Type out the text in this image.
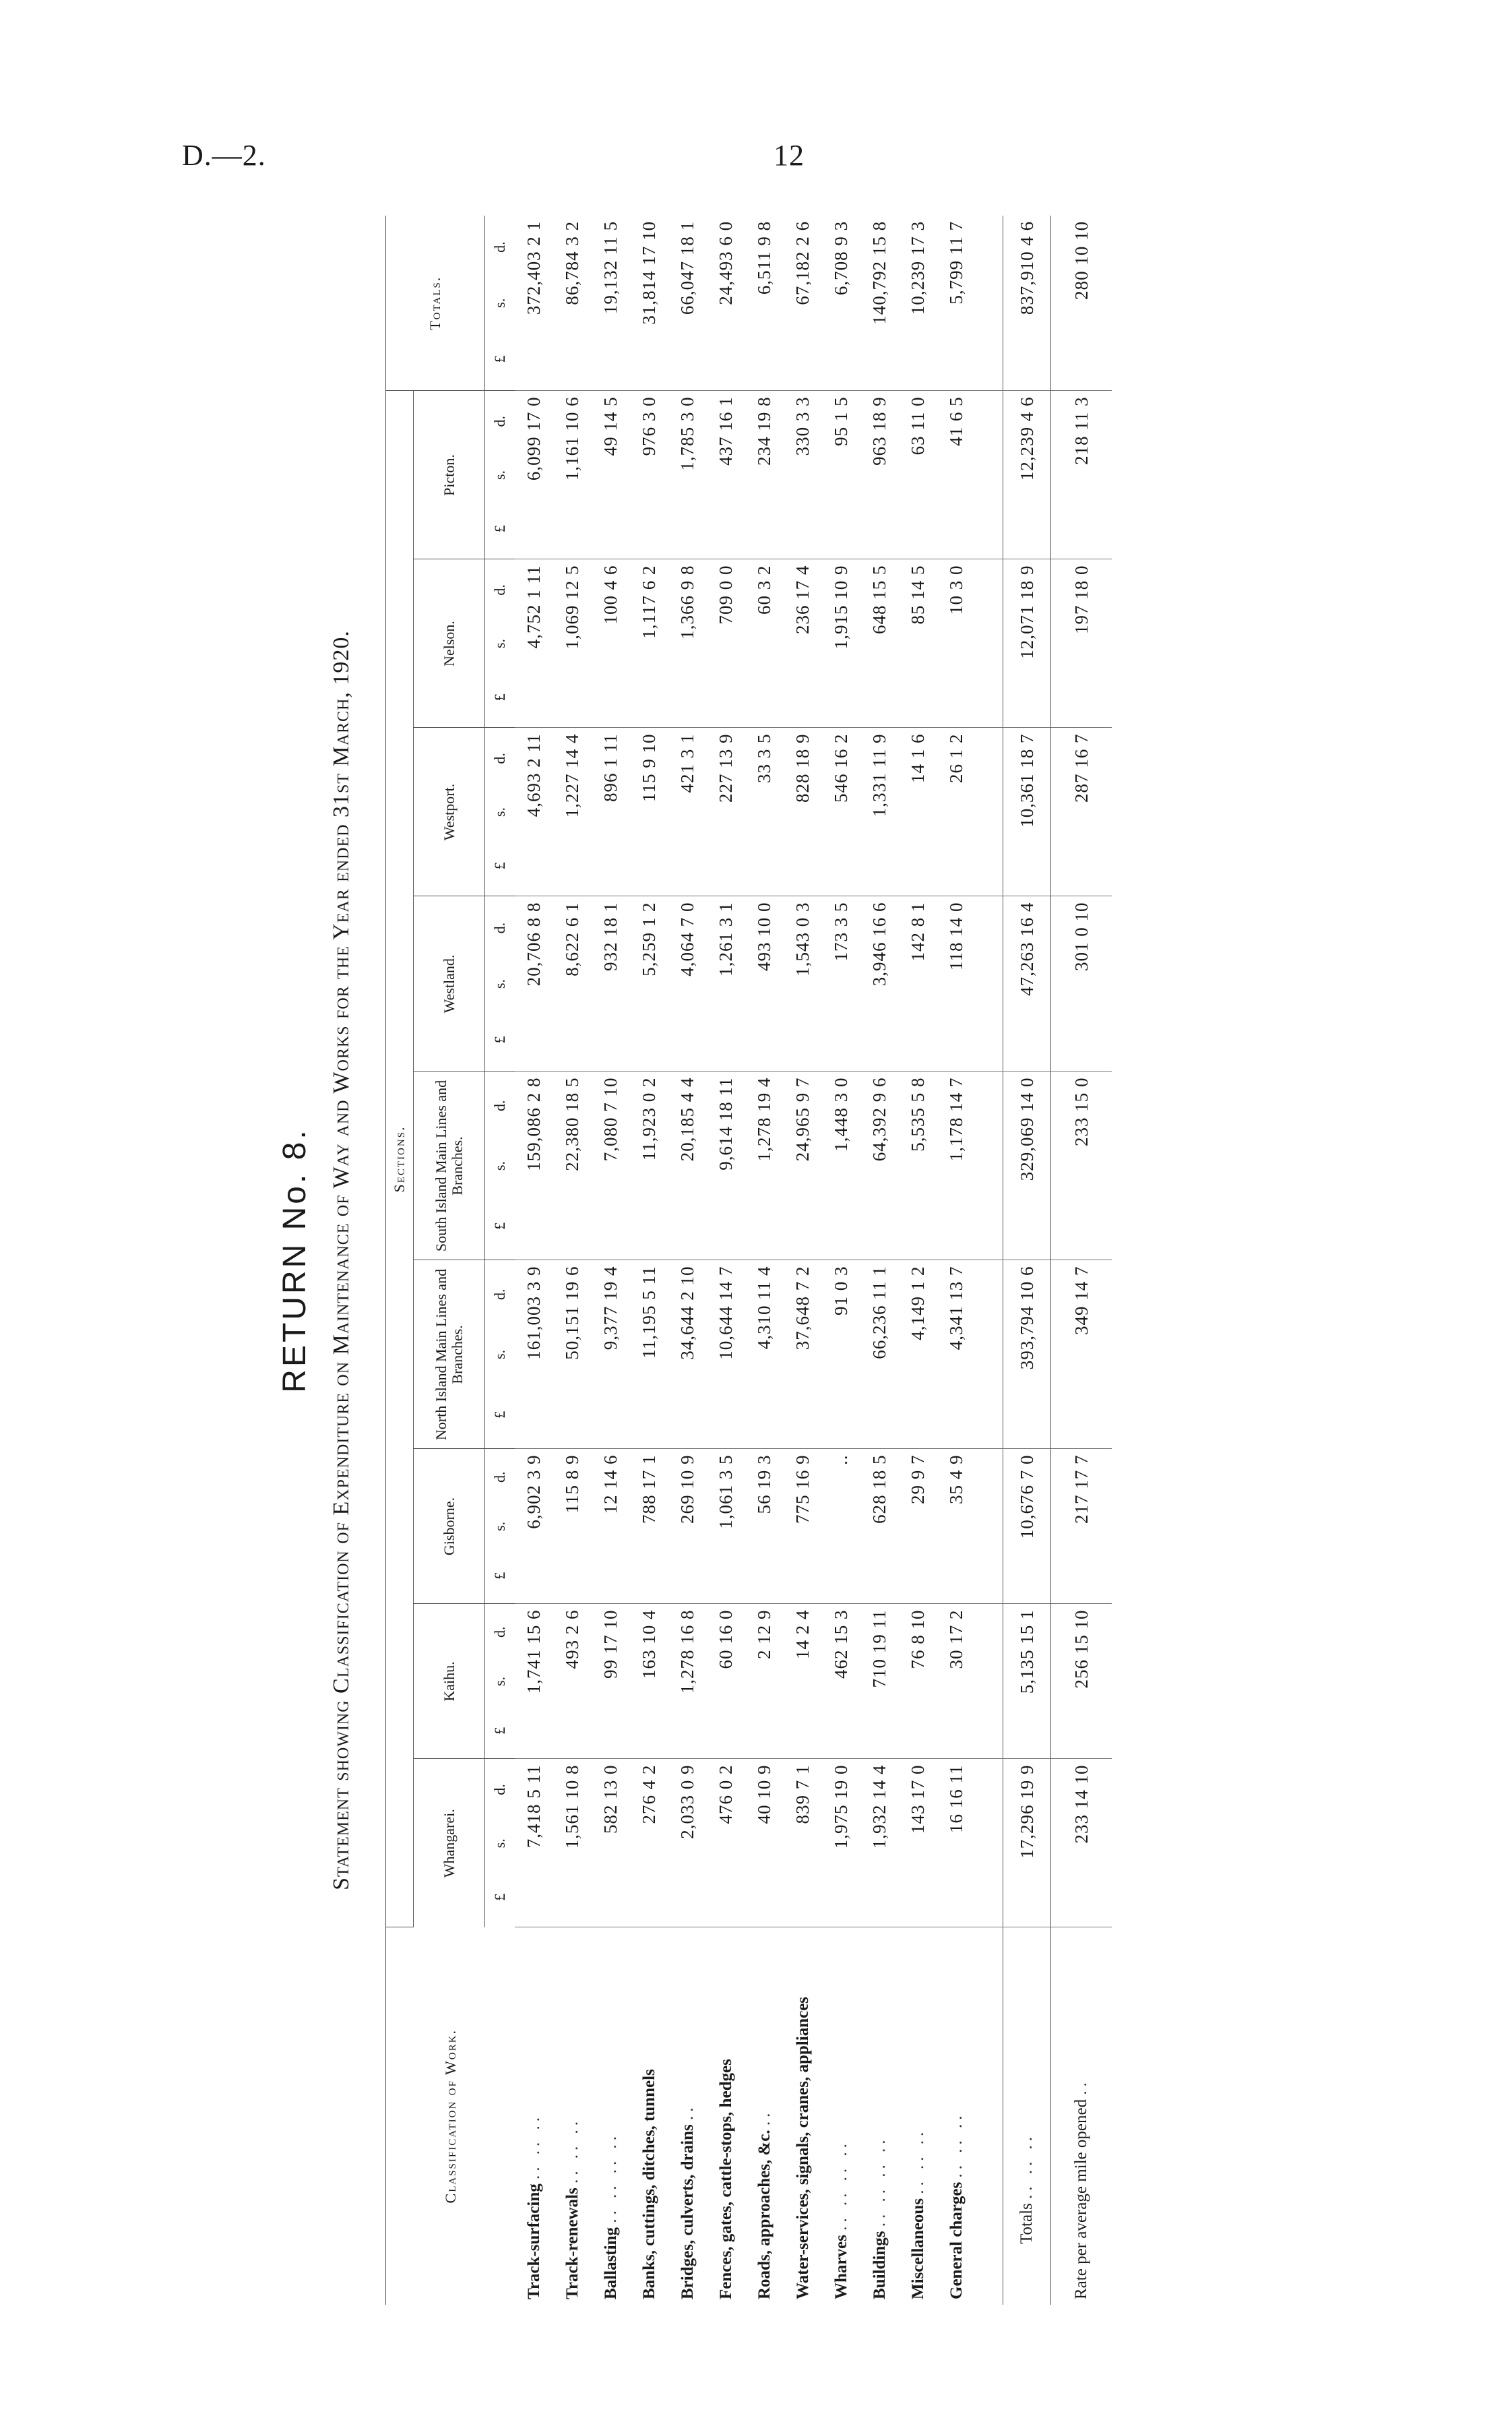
D.—2.	12
RETURN No. 8. Statement showing Classification of Expenditure on Maintenance of Way and Works for the Year ended 31st March, 1920.
Classification of Work.	Sections.									Totals.
	Whangarei.	Kaihu.	Gisborne.	North Island Main Lines and Branches.	South Island Main Lines and Branches.	Westland.	Westport.	Nelson.	Picton.	
	£s.d.	£s.d.	£s.d.	£s.d.	£s.d.	£s.d.	£s.d.	£s.d.	£s.d.	£s.d.
Track-surfacing .. .. ..	7,418 5 11	1,741 15 6	6,902 3 9	161,003 3 9	159,086 2 8	20,706 8 8	4,693 2 11	4,752 1 11	6,099 17 0	372,403 2 1
Track-renewals .. .. ..	1,561 10 8	493 2 6	115 8 9	50,151 19 6	22,380 18 5	8,622 6 1	1,227 14 4	1,069 12 5	1,161 10 6	86,784 3 2
Ballasting .. .. .. ..	582 13 0	99 17 10	12 14 6	9,377 19 4	7,080 7 10	932 18 1	896 1 11	100 4 6	49 14 5	19,132 11 5
Banks, cuttings, ditches, tunnels	276 4 2	163 10 4	788 17 1	11,195 5 11	11,923 0 2	5,259 1 2	115 9 10	1,117 6 2	976 3 0	31,814 17 10
Bridges, culverts, drains ..	2,033 0 9	1,278 16 8	269 10 9	34,644 2 10	20,185 4 4	4,064 7 0	421 3 1	1,366 9 8	1,785 3 0	66,047 18 1
Fences, gates, cattle-stops, hedges	476 0 2	60 16 0	1,061 3 5	10,644 14 7	9,614 18 11	1,261 3 1	227 13 9	709 0 0	437 16 1	24,493 6 0
Roads, approaches, &c. ..	40 10 9	2 12 9	56 19 3	4,310 11 4	1,278 19 4	493 10 0	33 3 5	60 3 2	234 19 8	6,511 9 8
Water-services, signals, cranes, appliances	839 7 1	14 2 4	775 16 9	37,648 7 2	24,965 9 7	1,543 0 3	828 18 9	236 17 4	330 3 3	67,182 2 6
Wharves .. .. .. ..	1,975 19 0	462 15 3	..	91 0 3	1,448 3 0	173 3 5	546 16 2	1,915 10 9	95 1 5	6,708 9 3
Buildings .. .. .. ..	1,932 14 4	710 19 11	628 18 5	66,236 11 1	64,392 9 6	3,946 16 6	1,331 11 9	648 15 5	963 18 9	140,792 15 8
Miscellaneous .. .. ..	143 17 0	76 8 10	29 9 7	4,149 1 2	5,535 5 8	142 8 1	14 1 6	85 14 5	63 11 0	10,239 17 3
General charges .. .. ..	16 16 11	30 17 2	35 4 9	4,341 13 7	1,178 14 7	118 14 0	26 1 2	10 3 0	41 6 5	5,799 11 7

Totals .. .. ..	17,296 19 9	5,135 15 1	10,676 7 0	393,794 10 6	329,069 14 0	47,263 16 4	10,361 18 7	12,071 18 9	12,239 4 6	837,910 4 6
Rate per average mile opened ..	233 14 10	256 15 10	217 17 7	349 14 7	233 15 0	301 0 10	287 16 7	197 18 0	218 11 3	280 10 10
